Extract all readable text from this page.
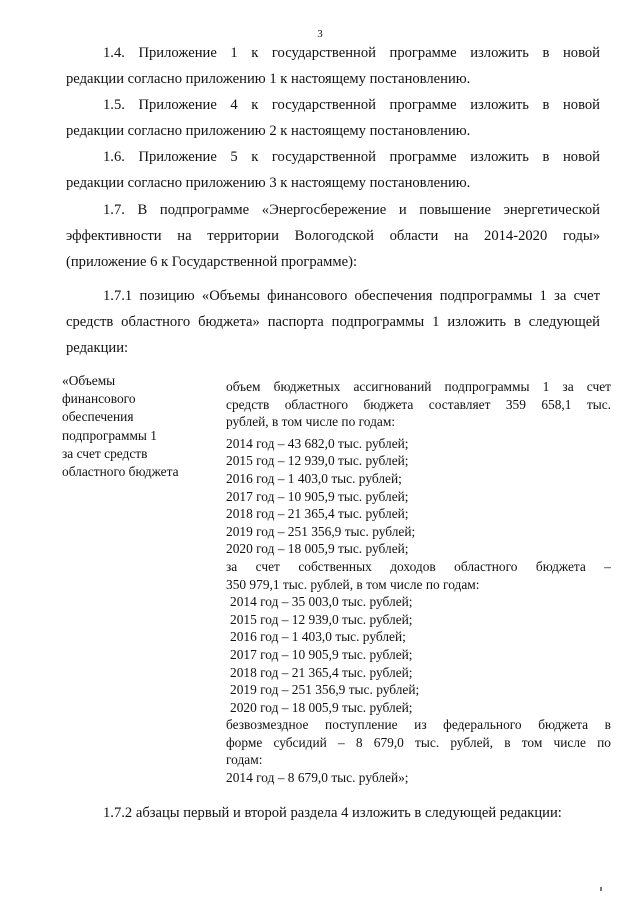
3
1.4. Приложение 1 к государственной программе изложить в новой
редакции согласно приложению 1 к настоящему постановлению.
1.5. Приложение 4 к государственной программе изложить в новой
редакции согласно приложению 2 к настоящему постановлению.
1.6. Приложение 5 к государственной программе изложить в новой
редакции согласно приложению 3 к настоящему постановлению.
1.7. В подпрограмме «Энергосбережение и повышение энергетической
эффективности на территории Вологодской области на 2014-2020 годы»
(приложение 6 к Государственной программе):
1.7.1 позицию «Объемы финансового обеспечения подпрограммы 1 за счет
средств областного бюджета» паспорта подпрограммы 1 изложить в следующей
редакции:
«Объемы
финансового
обеспечения
подпрограммы 1
за счет средств
областного бюджета
объем бюджетных ассигнований подпрограммы 1 за счет
средств областного бюджета составляет 359 658,1 тыс.
рублей, в том числе по годам:
2014 год – 43 682,0 тыс. рублей;
2015 год – 12 939,0 тыс. рублей;
2016 год – 1 403,0 тыс. рублей;
2017 год – 10 905,9 тыс. рублей;
2018 год – 21 365,4 тыс. рублей;
2019 год – 251 356,9 тыс. рублей;
2020 год – 18 005,9 тыс. рублей;
за счет собственных доходов областного бюджета –
350 979,1 тыс. рублей, в том числе по годам:
2014 год – 35 003,0 тыс. рублей;
2015 год – 12 939,0 тыс. рублей;
2016 год – 1 403,0 тыс. рублей;
2017 год – 10 905,9 тыс. рублей;
2018 год – 21 365,4 тыс. рублей;
2019 год – 251 356,9 тыс. рублей;
2020 год – 18 005,9 тыс. рублей;
безвозмездное поступление из федерального бюджета в
форме субсидий – 8 679,0 тыс. рублей, в том числе по
годам:
2014 год – 8 679,0 тыс. рублей»;
1.7.2 абзацы первый и второй раздела 4 изложить в следующей редакции:
